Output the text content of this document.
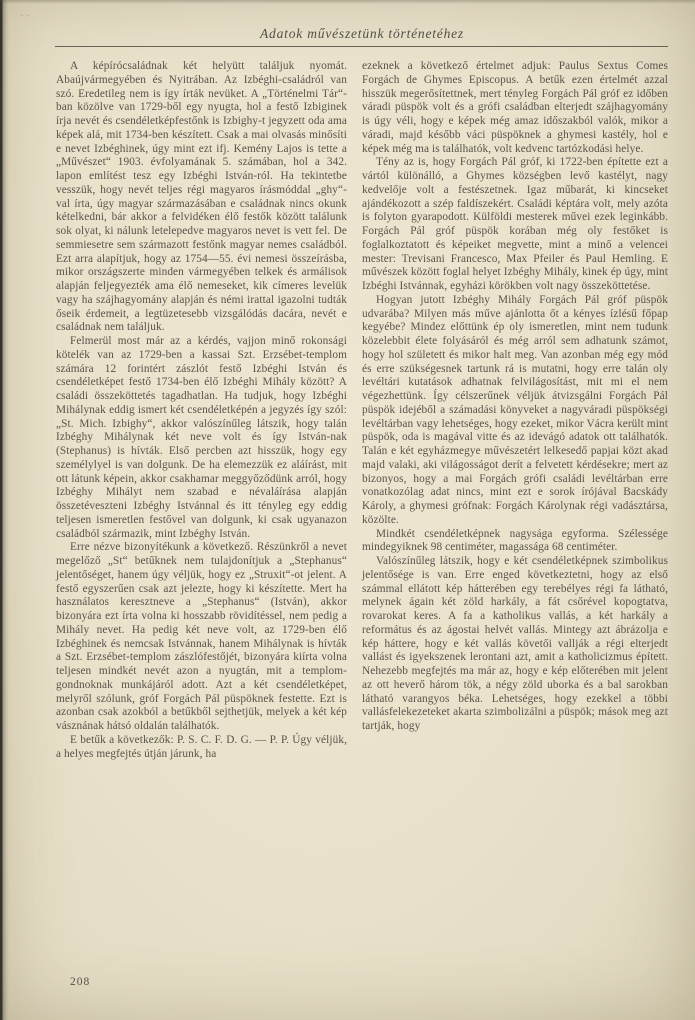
‸‸
Adatok művészetünk történetéhez

A képírócsaládnak két helyütt találjuk nyomát. Abaújvármegyében és Nyitrában. Az Izbéghi-családról van szó. Eredetileg nem is így írták nevüket. A „Történelmi Tár“-ban közölve van 1729-ből egy nyugta, hol a festő Izbiginek írja nevét és csendéletképfestőnk is Izbighy-t jegyzett oda ama képek alá, mit 1734-ben készített. Csak a mai olvasás minősíti e nevet Izbéghinek, úgy mint ezt ifj. Kemény Lajos is tette a „Művészet“ 1903. évfolyamának 5. számában, hol a 342. lapon említést tesz egy Izbéghi István-ról. Ha tekintetbe vesszük, hogy nevét teljes régi magyaros írásmóddal „ghy“-val írta, úgy magyar származásában e családnak nincs okunk kételkedni, bár akkor a felvidéken élő festők között találunk sok olyat, ki nálunk letelepedve magyaros nevet is vett fel. De semmiesetre sem származott festőnk magyar nemes családból. Ezt arra alapítjuk, hogy az 1754—55. évi nemesi összeírásba, mikor országszerte minden vármegyében telkek és armálisok alapján feljegyezték ama élő nemeseket, kik címeres levelük vagy ha szájhagyomány alapján és némi irattal igazolni tudták őseik érdemeit, a legtüzetesebb vizsgálódás dacára, nevét e családnak nem találjuk.

Felmerül most már az a kérdés, vajjon minő rokonsági kötelék van az 1729-ben a kassai Szt. Erzsébet-templom számára 12 forintért zászlót festő Izbéghi István és csendéletképet festő 1734-ben élő Izbéghi Mihály között? A családi összeköttetés tagadhatlan. Ha tudjuk, hogy Izbéghi Mihálynak eddig ismert két csendéletképén a jegyzés így szól: „St. Mich. Izbighy“, akkor valószínűleg látszik, hogy talán Izbéghy Mihálynak két neve volt és így István-nak (Stephanus) is hívták. Első percben azt hisszük, hogy egy személylyel is van dolgunk. De ha elemezzük ez aláírást, mit ott látunk képein, akkor csakhamar meggyőződünk arról, hogy Izbéghy Mihályt nem szabad e névaláírása alapján összetéveszteni Izbéghy Istvánnal és itt tényleg egy eddig teljesen ismeretlen festővel van dolgunk, ki csak ugyanazon családból származik, mint Izbéghy István.

Erre nézve bizonyítékunk a következő. Részünkről a nevet megelőző „St“ betűknek nem tulajdonítjuk a „Stephanus“ jelentőséget, hanem úgy véljük, hogy ez „Struxit“-ot jelent. A festő egyszerűen csak azt jelezte, hogy ki készítette. Mert ha használatos keresztneve a „Stephanus“ (István), akkor bizonyára ezt írta volna ki hosszabb rövidítéssel, nem pedig a Mihály nevet. Ha pedig két neve volt, az 1729-ben élő Izbéghinek és nemcsak Istvánnak, hanem Mihálynak is hívták a Szt. Erzsébet-templom zászlófestőjét, bizonyára kiírta volna teljesen mindkét nevét azon a nyugtán, mit a templom-gondnoknak munkájáról adott. Azt a két csendéletképet, melyről szólunk, gróf Forgách Pál püspöknek festette. Ezt is azonban csak azokból a betűkből sejthetjük, melyek a két kép vásznának hátsó oldalán találhatók.

E betűk a következők: P. S. C. F. D. G. — P. P. Úgy véljük, a helyes megfejtés útján járunk, ha

ezeknek a következő értelmet adjuk: Paulus Sextus Comes Forgách de Ghymes Episcopus. A betűk ezen értelmét azzal hisszük megerősítettnek, mert tényleg Forgách Pál gróf ez időben váradi püspök volt és a grófi családban elterjedt szájhagyomány is úgy véli, hogy e képek még amaz időszakból valók, mikor a váradi, majd később váci püspöknek a ghymesi kastély, hol e képek még ma is találhatók, volt kedvenc tartózkodási helye.

Tény az is, hogy Forgách Pál gróf, ki 1722-ben építette ezt a vártól különálló, a Ghymes községben levő kastélyt, nagy kedvelője volt a festészetnek. Igaz műbarát, ki kincseket ajándékozott a szép faldíszekért. Családi képtára volt, mely azóta is folyton gyarapodott. Külföldi mesterek művei ezek leginkább. Forgách Pál gróf püspök korában még oly festőket is foglalkoztatott és képeiket megvette, mint a minő a velencei mester: Trevisani Francesco, Max Pfeiler és Paul Hemling. E művészek között foglal helyet Izbéghy Mihály, kinek ép úgy, mint Izbéghi Istvánnak, egyházi körökben volt nagy összeköttetése.

Hogyan jutott Izbéghy Mihály Forgách Pál gróf püspök udvarába? Milyen más műve ajánlotta őt a kényes ízlésű főpap kegyébe? Mindez előttünk ép oly ismeretlen, mint nem tudunk közelebbit élete folyásáról és még arról sem adhatunk számot, hogy hol született és mikor halt meg. Van azonban még egy mód és erre szükségesnek tartunk rá is mutatni, hogy erre talán oly levéltári kutatások adhatnak felvilágosítást, mit mi el nem végezhettünk. Így célszerűnek véljük átvizsgálni Forgách Pál püspök idejéből a számadási könyveket a nagyváradi püspökségi levéltárban vagy lehetséges, hogy ezeket, mikor Vácra került mint püspök, oda is magával vitte és az idevágó adatok ott találhatók. Talán e két egyházmegye művészetért lelkesedő papjai közt akad majd valaki, aki világosságot derít a felvetett kérdésekre; mert az bizonyos, hogy a mai Forgách grófi családi levéltárban erre vonatkozólag adat nincs, mint ezt e sorok írójával Bacskády Károly, a ghymesi grófnak: Forgách Károlynak régi vadásztársa, közölte.

Mindkét csendéletképnek nagysága egyforma. Szélessége mindegyiknek 98 centiméter, magassága 68 centiméter.

Valószínűleg látszik, hogy e két csendéletképnek szimbolikus jelentősége is van. Erre enged következtetni, hogy az első számmal ellátott kép hátterében egy terebélyes régi fa látható, melynek ágain két zöld harkály, a fát csőrével kopogtatva, rovarokat keres. A fa a katholikus vallás, a két harkály a református és az ágostai helvét vallás. Mintegy azt ábrázolja e kép háttere, hogy e két vallás követői vallják a régi elterjedt vallást és igyekszenek lerontani azt, amit a katholicizmus épített. Nehezebb megfejtés ma már az, hogy e kép előterében mit jelent az ott heverő három tök, a négy zöld uborka és a bal sarokban látható varangyos béka. Lehetséges, hogy ezekkel a többi vallásfelekezeteket akarta szimbolizálni a püspök; mások meg azt tartják, hogy

208
